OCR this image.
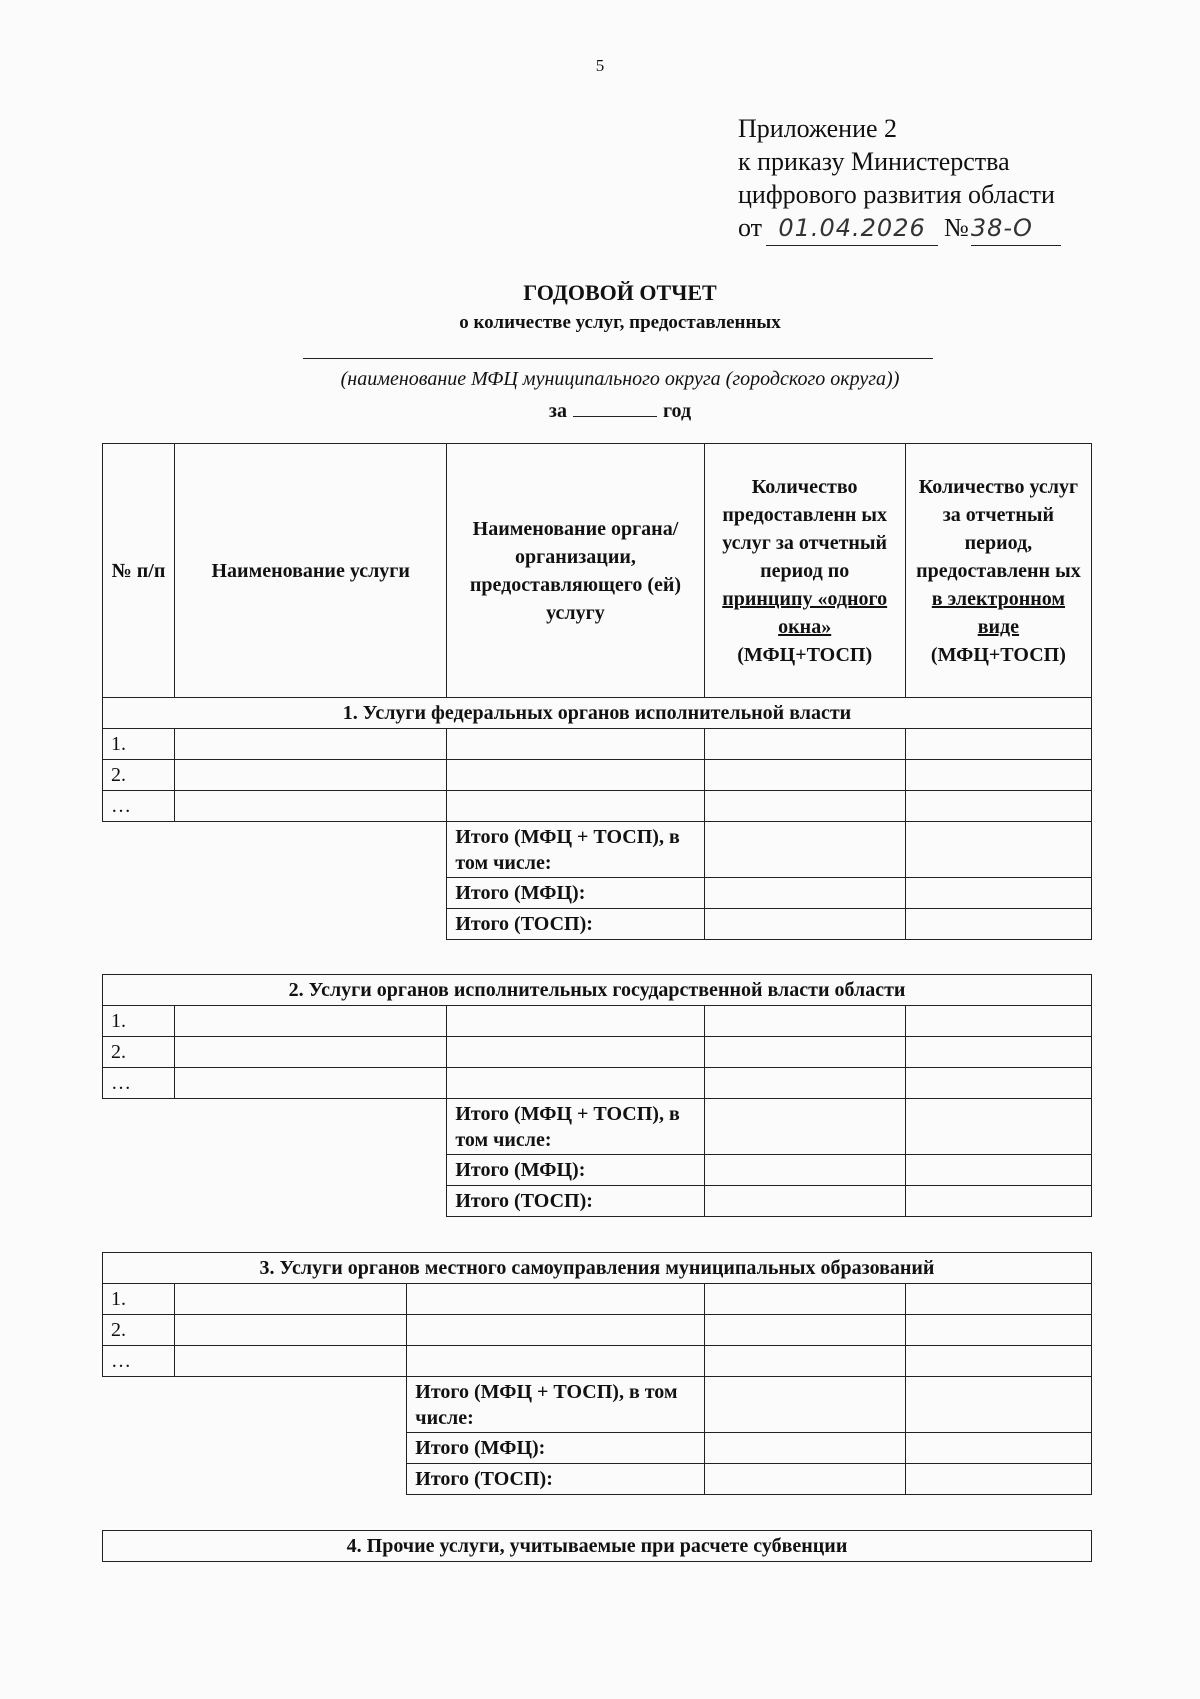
5
Приложение 2
к приказу Министерства
цифрового развития области
от 01.04.2026 №38-О
ГОДОВОЙ ОТЧЕТ
о количестве услуг, предоставленных
(наименование МФЦ муниципального округа (городского округа))
за	год
№ п/п	Наименование услуги	Наименование органа/ организации, предоставляющего (ей) услугу	Количество предоставленн ых услуг за отчетный период по принципу «одного окна» (МФЦ+ТОСП)	Количество услуг за отчетный период, предоставленн ых в электронном виде (МФЦ+ТОСП)
1. Услуги федеральных органов исполнительной власти				
1.				
2.				
…				
		Итого (МФЦ + ТОСП), в том числе:		
		Итого (МФЦ):		
		Итого (ТОСП):		
2. Услуги органов исполнительных государственной власти области				
1.				
2.				
…				
		Итого (МФЦ + ТОСП), в том числе:		
		Итого (МФЦ):		
		Итого (ТОСП):		
3. Услуги органов местного самоуправления муниципальных образований				
1.				
2.				
…				
		Итого (МФЦ + ТОСП), в том числе:		
		Итого (МФЦ):		
		Итого (ТОСП):		
4. Прочие услуги, учитываемые при расчете субвенции
